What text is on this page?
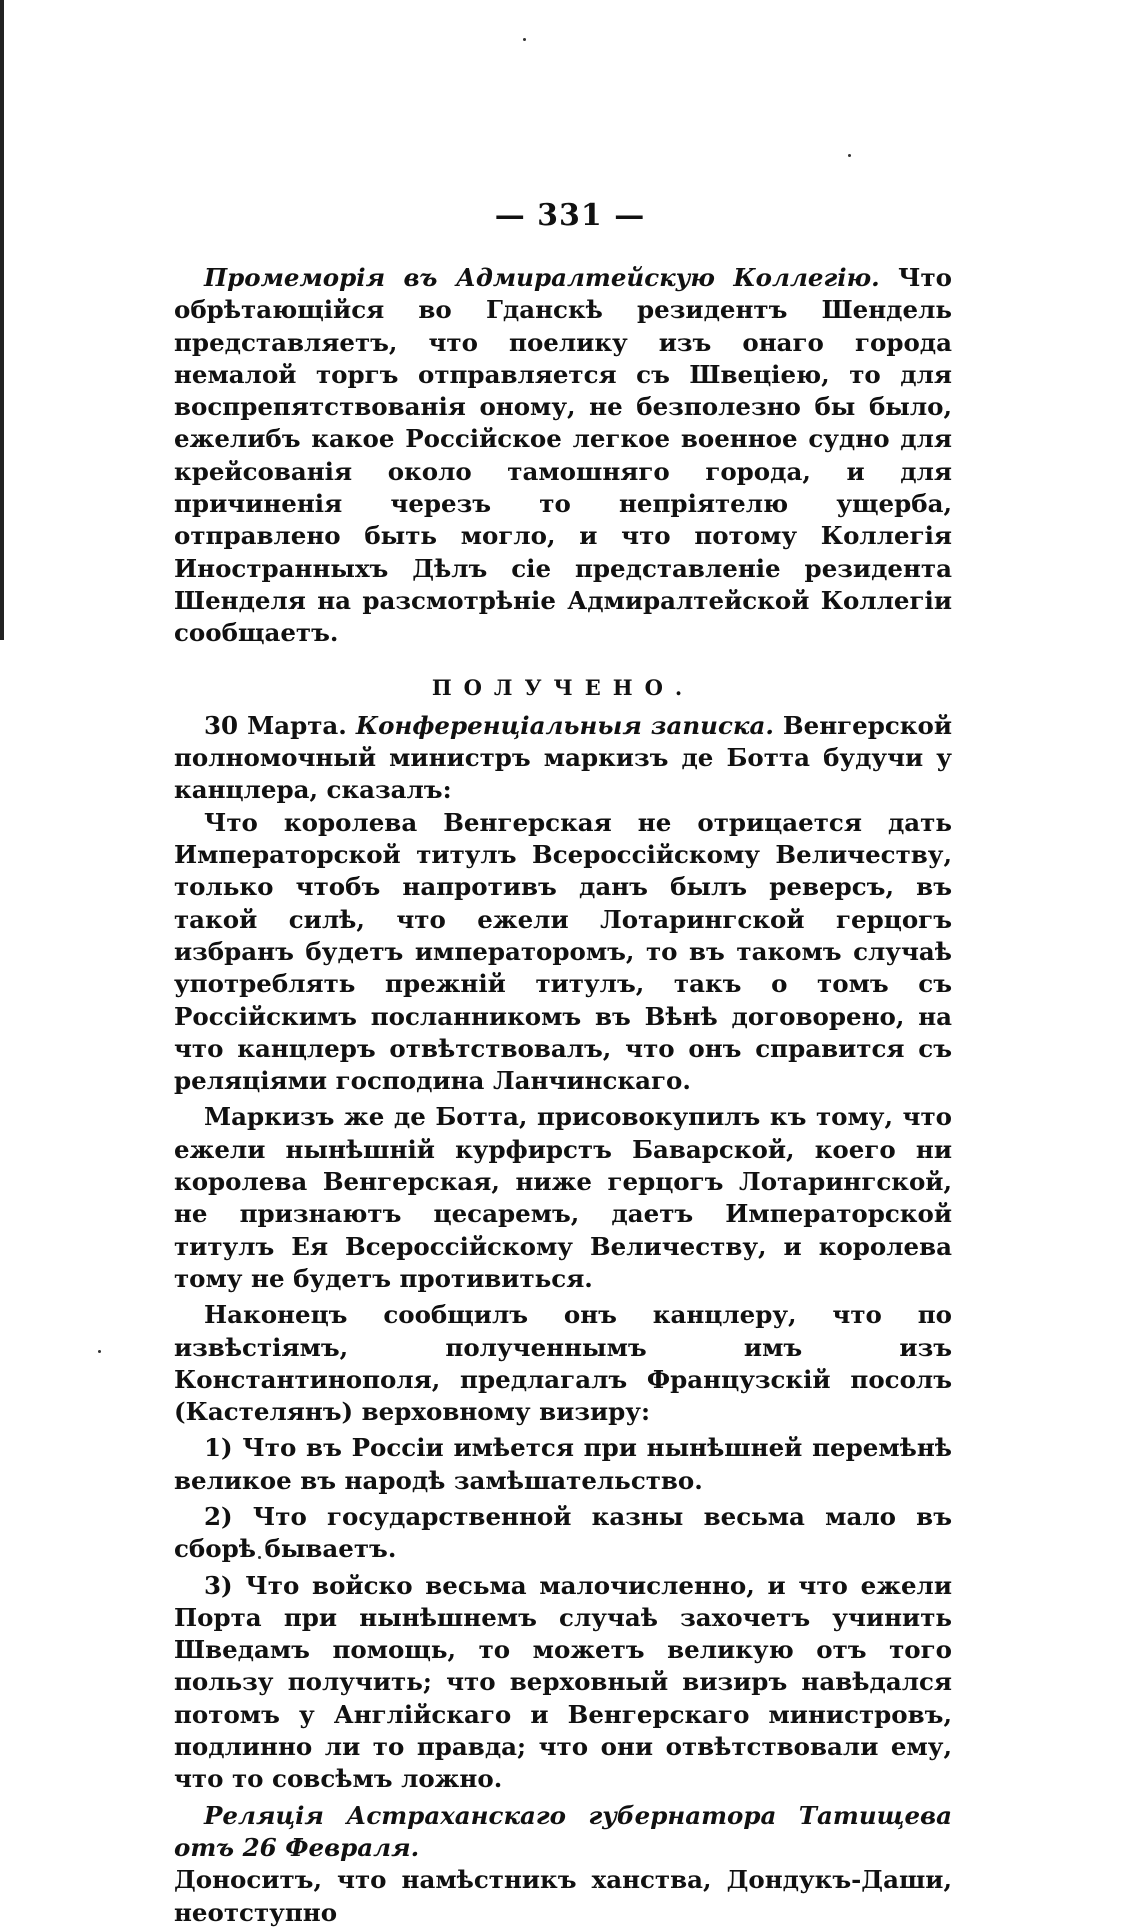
— 331 —

Промеморія въ Адмиралтейскую Коллегію. Что обрѣтающійся во Гданскѣ резидентъ Шендель представляетъ, что поелику изъ онаго города немалой торгъ отправляется съ Швеціею, то для воспрепятствованія оному, не безполезно бы было, ежелибъ какое Россійское легкое военное судно для крейсованія около тамошняго города, и для причиненія черезъ то непріятелю ущерба, отправлено быть могло, и что потому Коллегія Иностранныхъ Дѣлъ сіе представленіе резидента Шенделя на разсмотрѣніе Адмиралтейской Коллегіи сообщаетъ.

ПОЛУЧЕНО.

30 Марта. Конференціальныя записка. Венгерской полномочный министръ маркизъ де Ботта будучи у канцлера, сказалъ:

Что королева Венгерская не отрицается дать Императорской титулъ Всероссійскому Величеству, только чтобъ напротивъ данъ былъ реверсъ, въ такой силѣ, что ежели Лотарингской герцогъ избранъ будетъ императоромъ, то въ такомъ случаѣ употреблять прежній титулъ, такъ о томъ съ Россійскимъ посланникомъ въ Вѣнѣ договорено, на что канцлеръ отвѣтствовалъ, что онъ справится съ реляціями господина Ланчинскаго.

Маркизъ же де Ботта, присовокупилъ къ тому, что ежели нынѣшній курфирстъ Баварской, коего ни королева Венгерская, ниже герцогъ Лотарингской, не признаютъ цесаремъ, даетъ Императорской титулъ Ея Всероссійскому Величеству, и королева тому не будетъ противиться.

Наконецъ сообщилъ онъ канцлеру, что по извѣстіямъ, полученнымъ имъ изъ Константинополя, предлагалъ Французскій посолъ (Кастелянъ) верховному визиру:

1) Что въ Россіи имѣется при нынѣшней перемѣнѣ великое въ народѣ замѣшательство.

2) Что государственной казны весьма мало въ сборѣ бываетъ.

3) Что войско весьма малочисленно, и что ежели Порта при нынѣшнемъ случаѣ захочетъ учинить Шведамъ помощь, то можетъ великую отъ того пользу получить; что верховный визиръ навѣдался потомъ у Англійскаго и Венгерскаго министровъ, подлинно ли то правда; что они отвѣтствовали ему, что то совсѣмъ ложно.

Реляція Астраханскаго губернатора Татищева отъ 26 Февраля.

Доноситъ, что намѣстникъ ханства, Дондукъ-Даши, неотступно
